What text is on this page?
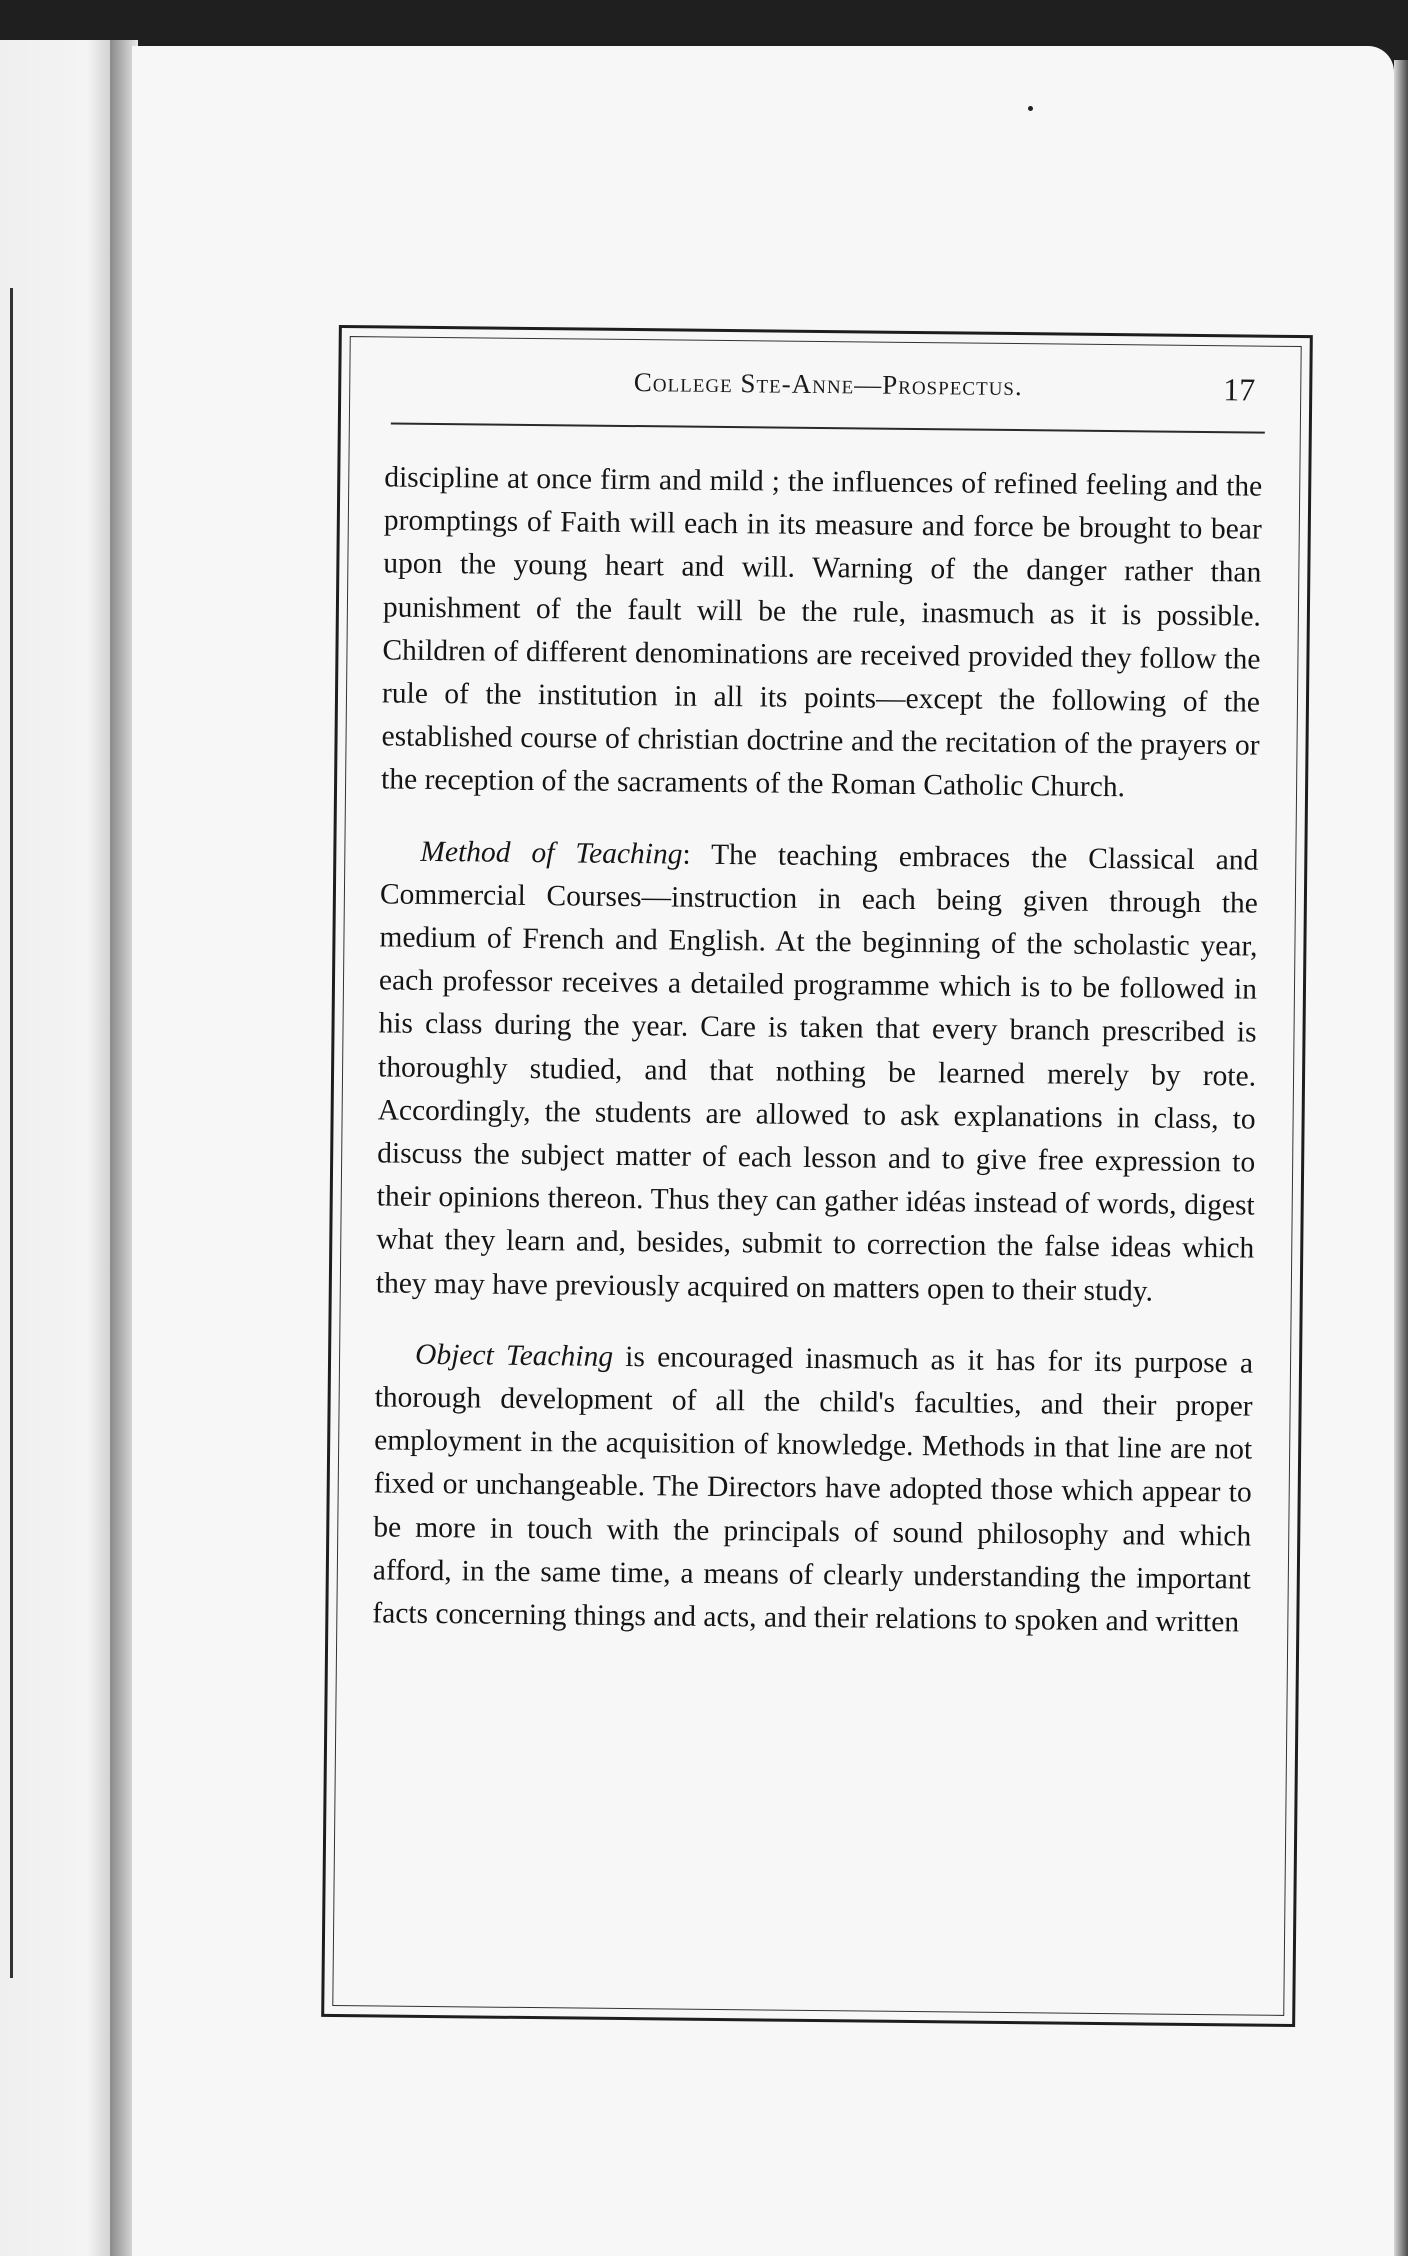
College Ste-Anne—Prospectus.	17

discipline at once firm and mild ; the influences of refined feeling and the promptings of Faith will each in its measure and force be brought to bear upon the young heart and will. Warning of the danger rather than punishment of the fault will be the rule, inasmuch as it is possible. Children of different denominations are received provided they follow the rule of the institution in all its points—except the following of the established course of christian doctrine and the recitation of the prayers or the reception of the sacraments of the Roman Catholic Church.

Method of Teaching: The teaching embraces the Classical and Commercial Courses—instruction in each being given through the medium of French and English. At the beginning of the scholastic year, each professor receives a detailed programme which is to be followed in his class during the year. Care is taken that every branch prescribed is thoroughly studied, and that nothing be learned merely by rote. Accordingly, the students are allowed to ask explanations in class, to discuss the subject matter of each lesson and to give free expression to their opinions thereon. Thus they can gather idéas instead of words, digest what they learn and, besides, submit to correction the false ideas which they may have previously acquired on matters open to their study.

Object Teaching is encouraged inasmuch as it has for its purpose a thorough development of all the child's faculties, and their proper employment in the acquisition of knowledge. Methods in that line are not fixed or unchangeable. The Directors have adopted those which appear to be more in touch with the principals of sound philosophy and which afford, in the same time, a means of clearly understanding the important facts concerning things and acts, and their relations to spoken and written
